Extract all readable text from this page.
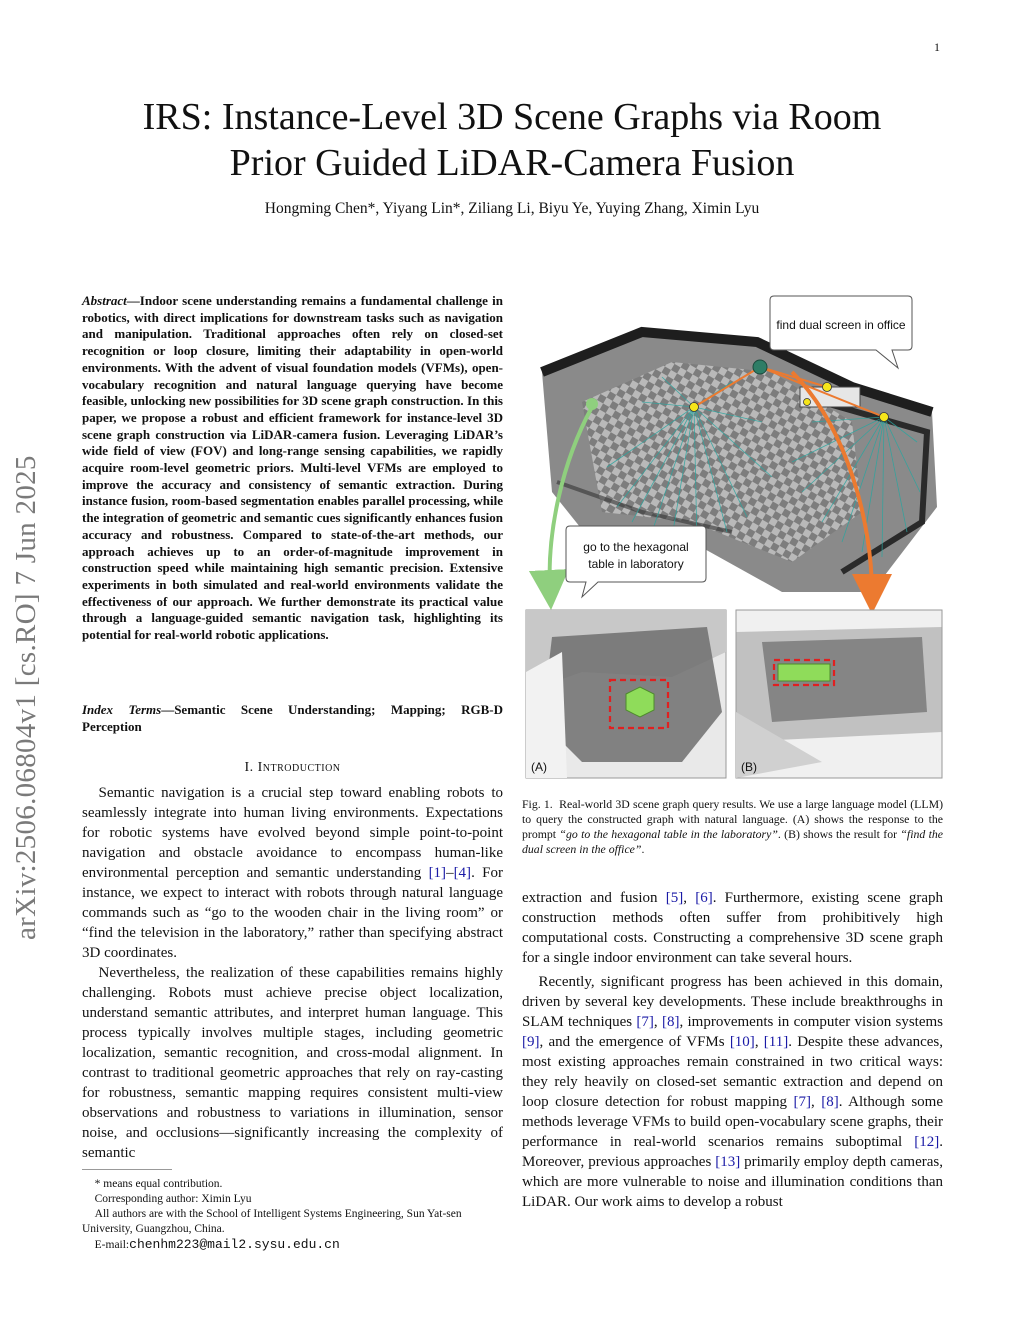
1
arXiv:2506.06804v1 [cs.RO] 7 Jun 2025
IRS: Instance-Level 3D Scene Graphs via Room
Prior Guided LiDAR-Camera Fusion
Hongming Chen*, Yiyang Lin*, Ziliang Li, Biyu Ye, Yuying Zhang, Ximin Lyu
Abstract—Indoor scene understanding remains a fundamental challenge in robotics, with direct implications for downstream tasks such as navigation and manipulation. Traditional approaches often rely on closed-set recognition or loop closure, limiting their adaptability in open-world environments. With the advent of visual foundation models (VFMs), open-vocabulary recognition and natural language querying have become feasible, unlocking new possibilities for 3D scene graph construction. In this paper, we propose a robust and efficient framework for instance-level 3D scene graph construction via LiDAR-camera fusion. Leveraging LiDAR’s wide field of view (FOV) and long-range sensing capabilities, we rapidly acquire room-level geometric priors. Multi-level VFMs are employed to improve the accuracy and consistency of semantic extraction. During instance fusion, room-based segmentation enables parallel processing, while the integration of geometric and semantic cues significantly enhances fusion accuracy and robustness. Compared to state-of-the-art methods, our approach achieves up to an order-of-magnitude improvement in construction speed while maintaining high semantic precision. Extensive experiments in both simulated and real-world environments validate the effectiveness of our approach. We further demonstrate its practical value through a language-guided semantic navigation task, highlighting its potential for real-world robotic applications.
Index Terms—Semantic Scene Understanding; Mapping; RGB-D Perception
I. Introduction

Semantic navigation is a crucial step toward enabling robots to seamlessly integrate into human living environments. Expectations for robotic systems have evolved beyond simple point-to-point navigation and obstacle avoidance to encompass human-like environmental perception and semantic understanding [1]–[4]. For instance, we expect to interact with robots through natural language commands such as “go to the wooden chair in the living room” or “find the television in the laboratory,” rather than specifying abstract 3D coordinates.

Nevertheless, the realization of these capabilities remains highly challenging. Robots must achieve precise object localization, understand semantic attributes, and interpret human language. This process typically involves multiple stages, including geometric localization, semantic recognition, and cross-modal alignment. In contrast to traditional geometric approaches that rely on ray-casting for robustness, semantic mapping requires consistent multi-view observations and robustness to variations in illumination, sensor noise, and occlusions—significantly increasing the complexity of semantic

* means equal contribution.
Corresponding author: Ximin Lyu
All authors are with the School of Intelligent Systems Engineering, Sun Yat-sen University, Guangzhou, China.
E-mail:chenhm223@mail2.sysu.edu.cn
find dual screen in office
go to the hexagonal
table in laboratory
(A)	(B)
Fig. 1. Real-world 3D scene graph query results. We use a large language model (LLM) to query the constructed graph with natural language. (A) shows the response to the prompt “go to the hexagonal table in the laboratory”. (B) shows the result for “find the dual screen in the office”.

extraction and fusion [5], [6]. Furthermore, existing scene graph construction methods often suffer from prohibitively high computational costs. Constructing a comprehensive 3D scene graph for a single indoor environment can take several hours.

Recently, significant progress has been achieved in this domain, driven by several key developments. These include breakthroughs in SLAM techniques [7], [8], improvements in computer vision systems [9], and the emergence of VFMs [10], [11]. Despite these advances, most existing approaches remain constrained in two critical ways: they rely heavily on closed-set semantic extraction and depend on loop closure detection for robust mapping [7], [8]. Although some methods leverage VFMs to build open-vocabulary scene graphs, their performance in real-world scenarios remains suboptimal [12]. Moreover, previous approaches [13] primarily employ depth cameras, which are more vulnerable to noise and illumination conditions than LiDAR. Our work aims to develop a robust
